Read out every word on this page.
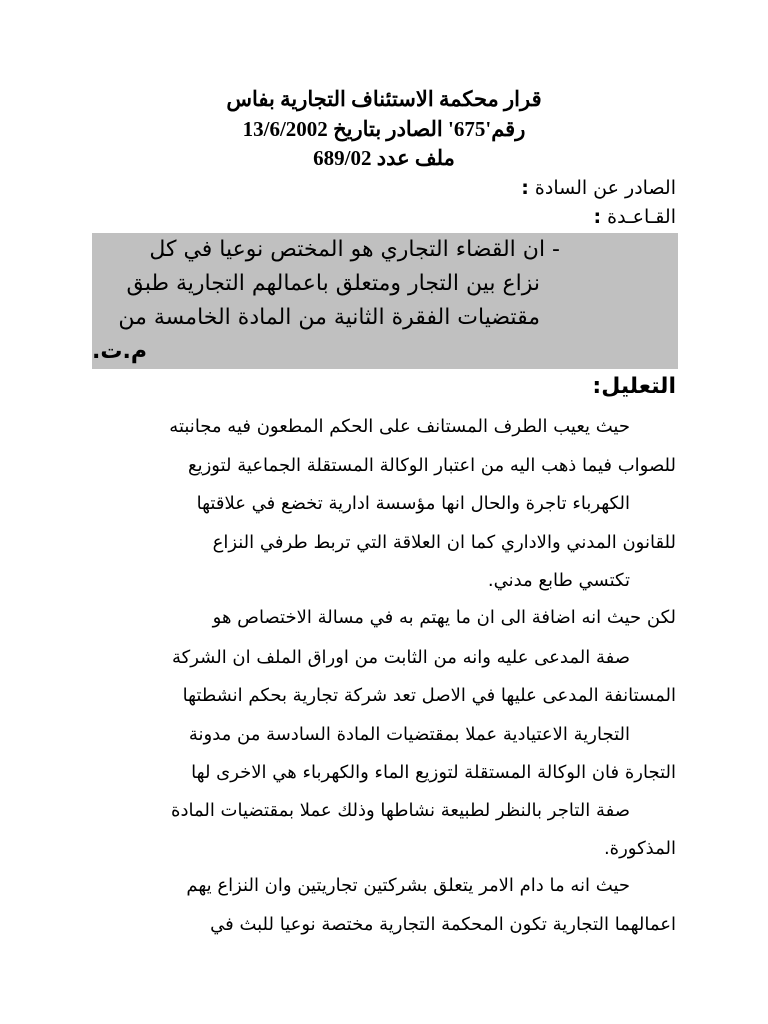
قرار محكمة الاستئناف التجارية بفاس
رقم'675' الصادر بتاريخ 13/6/2002
ملف عدد 689/02
الصادر عن السادة :
القـاعـدة :
- ان القضاء التجاري هو المختص نوعيا في كل
نزاع بين التجار ومتعلق باعمالهم التجارية طبق
مقتضيات الفقرة الثانية من المادة الخامسة من
م.ت.
التعليل:
حيث يعيب الطرف المستانف على الحكم المطعون فيه مجانبته
للصواب فيما ذهب اليه من اعتبار الوكالة المستقلة الجماعية لتوزيع
الكهرباء تاجرة والحال انها مؤسسة ادارية تخضع في علاقتها
للقانون المدني والاداري كما ان العلاقة التي تربط طرفي النزاع
تكتسي طابع مدني.
لكن حيث انه اضافة الى ان ما يهتم به في مسالة الاختصاص هو
صفة المدعى عليه وانه من الثابت من اوراق الملف ان الشركة
المستانفة المدعى عليها في الاصل تعد شركة تجارية بحكم انشطتها
التجارية الاعتيادية عملا بمقتضيات المادة السادسة من مدونة
التجارة فان الوكالة المستقلة لتوزيع الماء والكهرباء هي الاخرى لها
صفة التاجر بالنظر لطبيعة نشاطها وذلك عملا بمقتضيات المادة
المذكورة.
حيث انه ما دام الامر يتعلق بشركتين تجاريتين وان النزاع يهم
اعمالهما التجارية تكون المحكمة التجارية مختصة نوعيا للبث في
